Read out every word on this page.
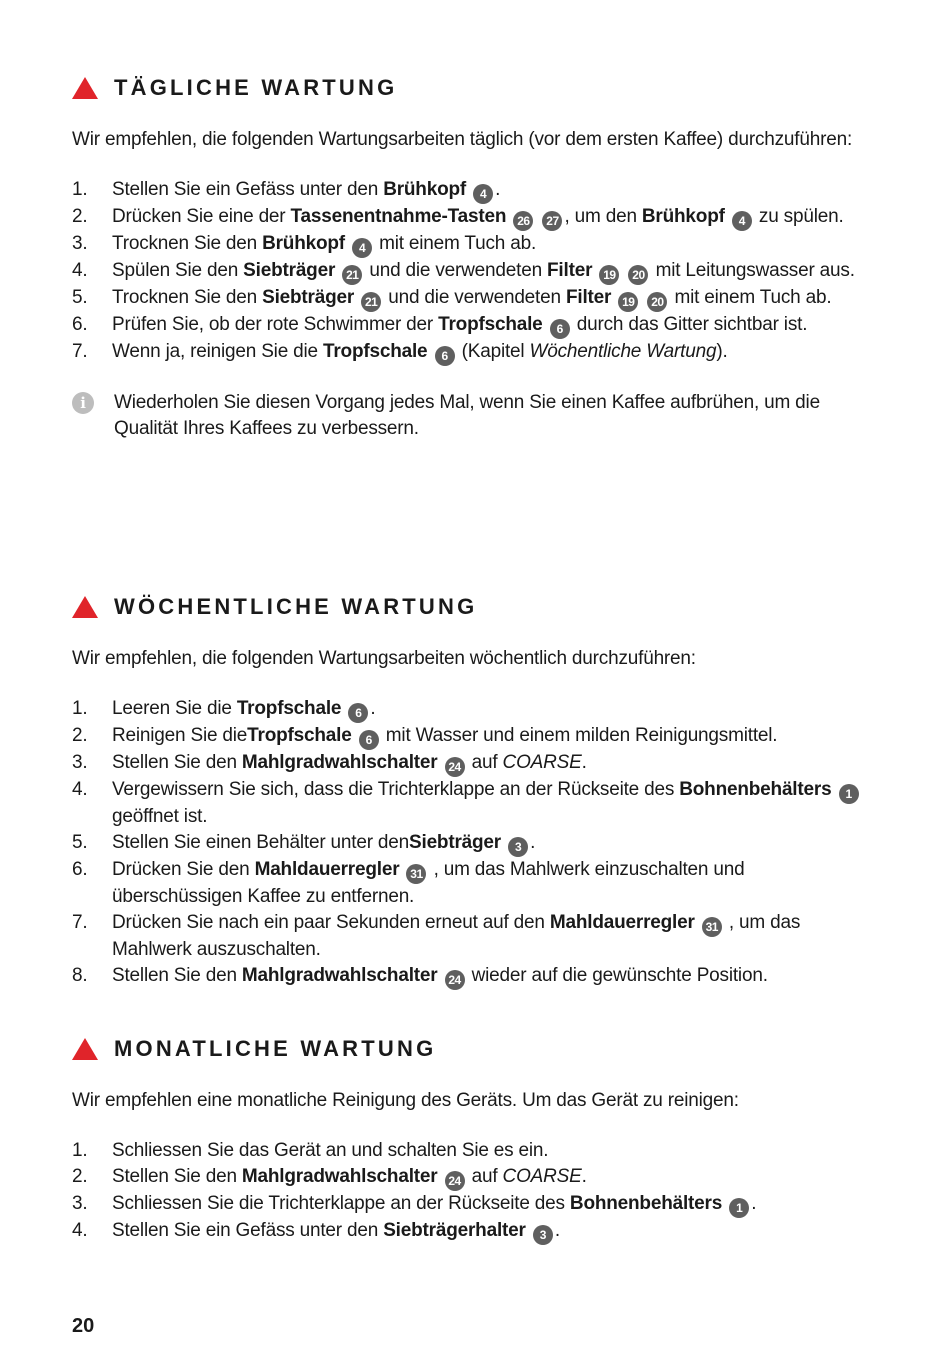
TÄGLICHE WARTUNG

Wir empfehlen, die folgenden Wartungsarbeiten täglich (vor dem ersten Kaffee) durchzuführen:

1.	Stellen Sie ein Gefäss unter den Brühkopf 4 .
2.	Drücken Sie eine der Tassenentnahme-Tasten 26 27 , um den Brühkopf 4 zu spülen.
3.	Trocknen Sie den Brühkopf 4 mit einem Tuch ab.
4.	Spülen Sie den Siebträger 21 und die verwendeten Filter 19 20 mit Leitungswasser aus.
5.	Trocknen Sie den Siebträger 21 und die verwendeten Filter 19 20 mit einem Tuch ab.
6.	Prüfen Sie, ob der rote Schwimmer der Tropfschale 6 durch das Gitter sichtbar ist.
7.	Wenn ja, reinigen Sie die Tropfschale 6 (Kapitel Wöchentliche Wartung).
i	Wiederholen Sie diesen Vorgang jedes Mal, wenn Sie einen Kaffee aufbrühen, um die Qualität Ihres Kaffees zu verbessern.
WÖCHENTLICHE WARTUNG

Wir empfehlen, die folgenden Wartungsarbeiten wöchentlich durchzuführen:

1.	Leeren Sie die Tropfschale 6 .
2.	Reinigen Sie dieTropfschale 6 mit Wasser und einem milden Reinigungsmittel.
3.	Stellen Sie den Mahlgradwahlschalter 24 auf COARSE.
4.	Vergewissern Sie sich, dass die Trichterklappe an der Rückseite des Bohnenbehälters 1 geöffnet ist.
5.	Stellen Sie einen Behälter unter denSiebträger 3 .
6.	Drücken Sie den Mahldauerregler 31 , um das Mahlwerk einzuschalten und überschüssigen Kaffee zu entfernen.
7.	Drücken Sie nach ein paar Sekunden erneut auf den Mahldauerregler 31 , um das Mahlwerk auszuschalten.
8.	Stellen Sie den Mahlgradwahlschalter 24 wieder auf die gewünschte Position.
MONATLICHE WARTUNG

Wir empfehlen eine monatliche Reinigung des Geräts. Um das Gerät zu reinigen:

1.	Schliessen Sie das Gerät an und schalten Sie es ein.
2.	Stellen Sie den Mahlgradwahlschalter 24 auf COARSE.
3.	Schliessen Sie die Trichterklappe an der Rückseite des Bohnenbehälters 1 .
4.	Stellen Sie ein Gefäss unter den Siebträgerhalter 3 .
20
